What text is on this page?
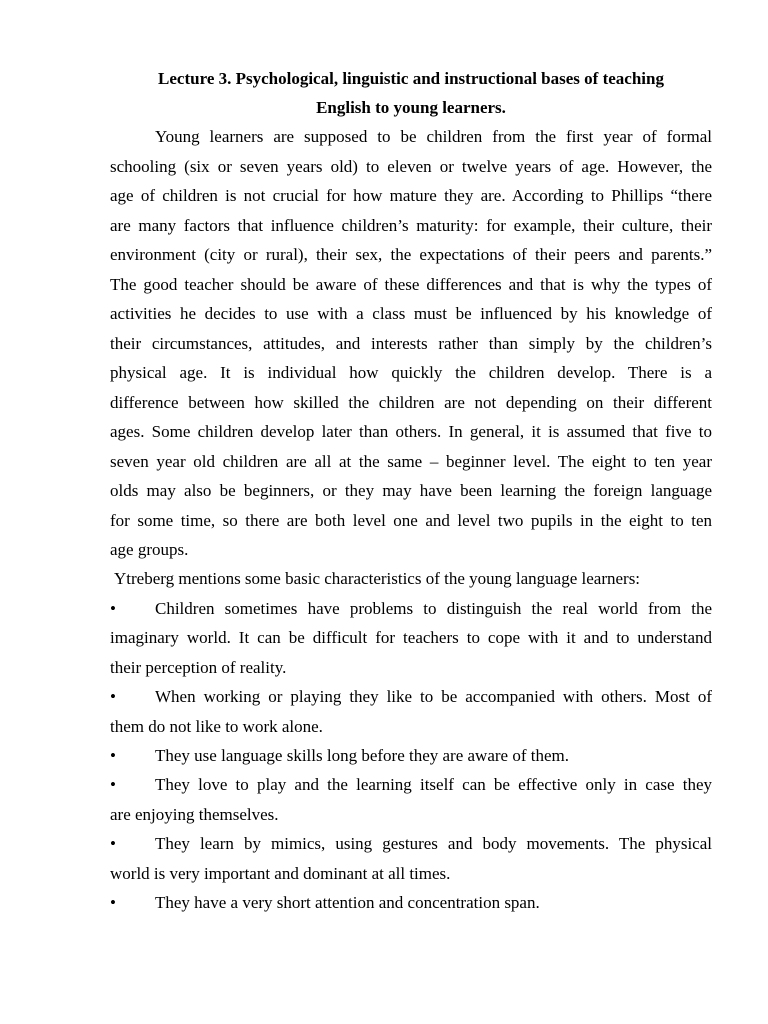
Lecture 3. Psychological, linguistic and instructional bases of teaching
English to young learners.
Young learners are supposed to be children from the first year of formal
schooling (six or seven years old) to eleven or twelve years of age. However, the
age of children is not crucial for how mature they are. According to Phillips “there
are many factors that influence children’s maturity: for example, their culture, their
environment (city or rural), their sex, the expectations of their peers and parents.”
The good teacher should be aware of these differences and that is why the types of
activities he decides to use with a class must be influenced by his knowledge of
their circumstances, attitudes, and interests rather than simply by the children’s
physical age. It is individual how quickly the children develop. There is a
difference between how skilled the children are not depending on their different
ages. Some children develop later than others. In general, it is assumed that five to
seven year old children are all at the same – beginner level. The eight to ten year
olds may also be beginners, or they may have been learning the foreign language
for some time, so there are both level one and level two pupils in the eight to ten
age groups.
Ytreberg mentions some basic characteristics of the young language learners:
• Children sometimes have problems to distinguish the real world from the
imaginary world. It can be difficult for teachers to cope with it and to understand
their perception of reality.
• When working or playing they like to be accompanied with others. Most of
them do not like to work alone.
• They use language skills long before they are aware of them.
• They love to play and the learning itself can be effective only in case they
are enjoying themselves.
• They learn by mimics, using gestures and body movements. The physical
world is very important and dominant at all times.
• They have a very short attention and concentration span.
